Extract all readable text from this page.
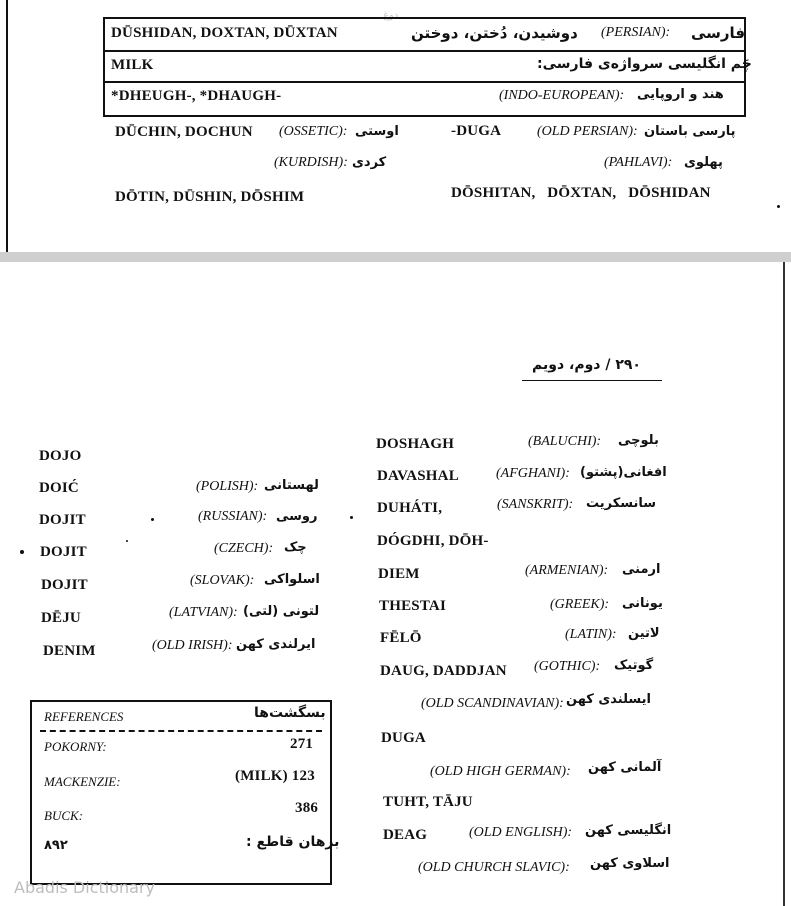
دوغ
DŪSHIDAN, DOXTAN, DŪXTAN	دوشیدن، دُختن، دوختن (PERSIAN): فارسی
MILK	چَم انگلیسی سرواژه‌ی فارسی:
*DHEUGH-, *DHAUGH-	(INDO-EUROPEAN): هند و اروپایی
DŪCHIN, DOCHUN (OSSETIC): اوستی	-DUGA	(OLD PERSIAN): پارسی باستان
(KURDISH): کردی	(PAHLAVI): پهلوی
DŌTIN, DŪSHIN, DŌSHIM	DŌSHITAN,   DŌXTAN,   DŌSHIDAN
۲۹۰ / دوم، دویم
DOJO
DOIĆ	(POLISH): لهستانی
DOJIT	(RUSSIAN): روسی
DOJIT	(CZECH): چک
DOJIT	(SLOVAK): اسلواکی
DĒJU	(LATVIAN): لتونی (لتی)
DENIM	(OLD IRISH): ایرلندی کهن
DOSHAGH	(BALUCHI): بلوچی
DAVASHAL	(AFGHANI): افغانی(پشتو)
DUHÁTI,	(SANSKRIT): سانسکریت
DÓGDHI, DŌH-
DIEM	(ARMENIAN): ارمنی
THESTAI	(GREEK): یونانی
FĒLŌ	(LATIN): لاتین
DAUG, DADDJAN (GOTHIC): گوتیک
(OLD SCANDINAVIAN): ایسلندی کهن
DUGA
(OLD HIGH GERMAN): آلمانی کهن
TUHT, TĀJU
DEAG	(OLD ENGLISH): انگلیسی کهن
(OLD CHURCH SLAVIC): اسلاوی کهن
REFERENCES	بسگشت‌ها
POKORNY:	271
MACKENZIE:	(MILK) 123
BUCK:	386
۸۹۲	برهان قاطع :
Abadis Dictionary
